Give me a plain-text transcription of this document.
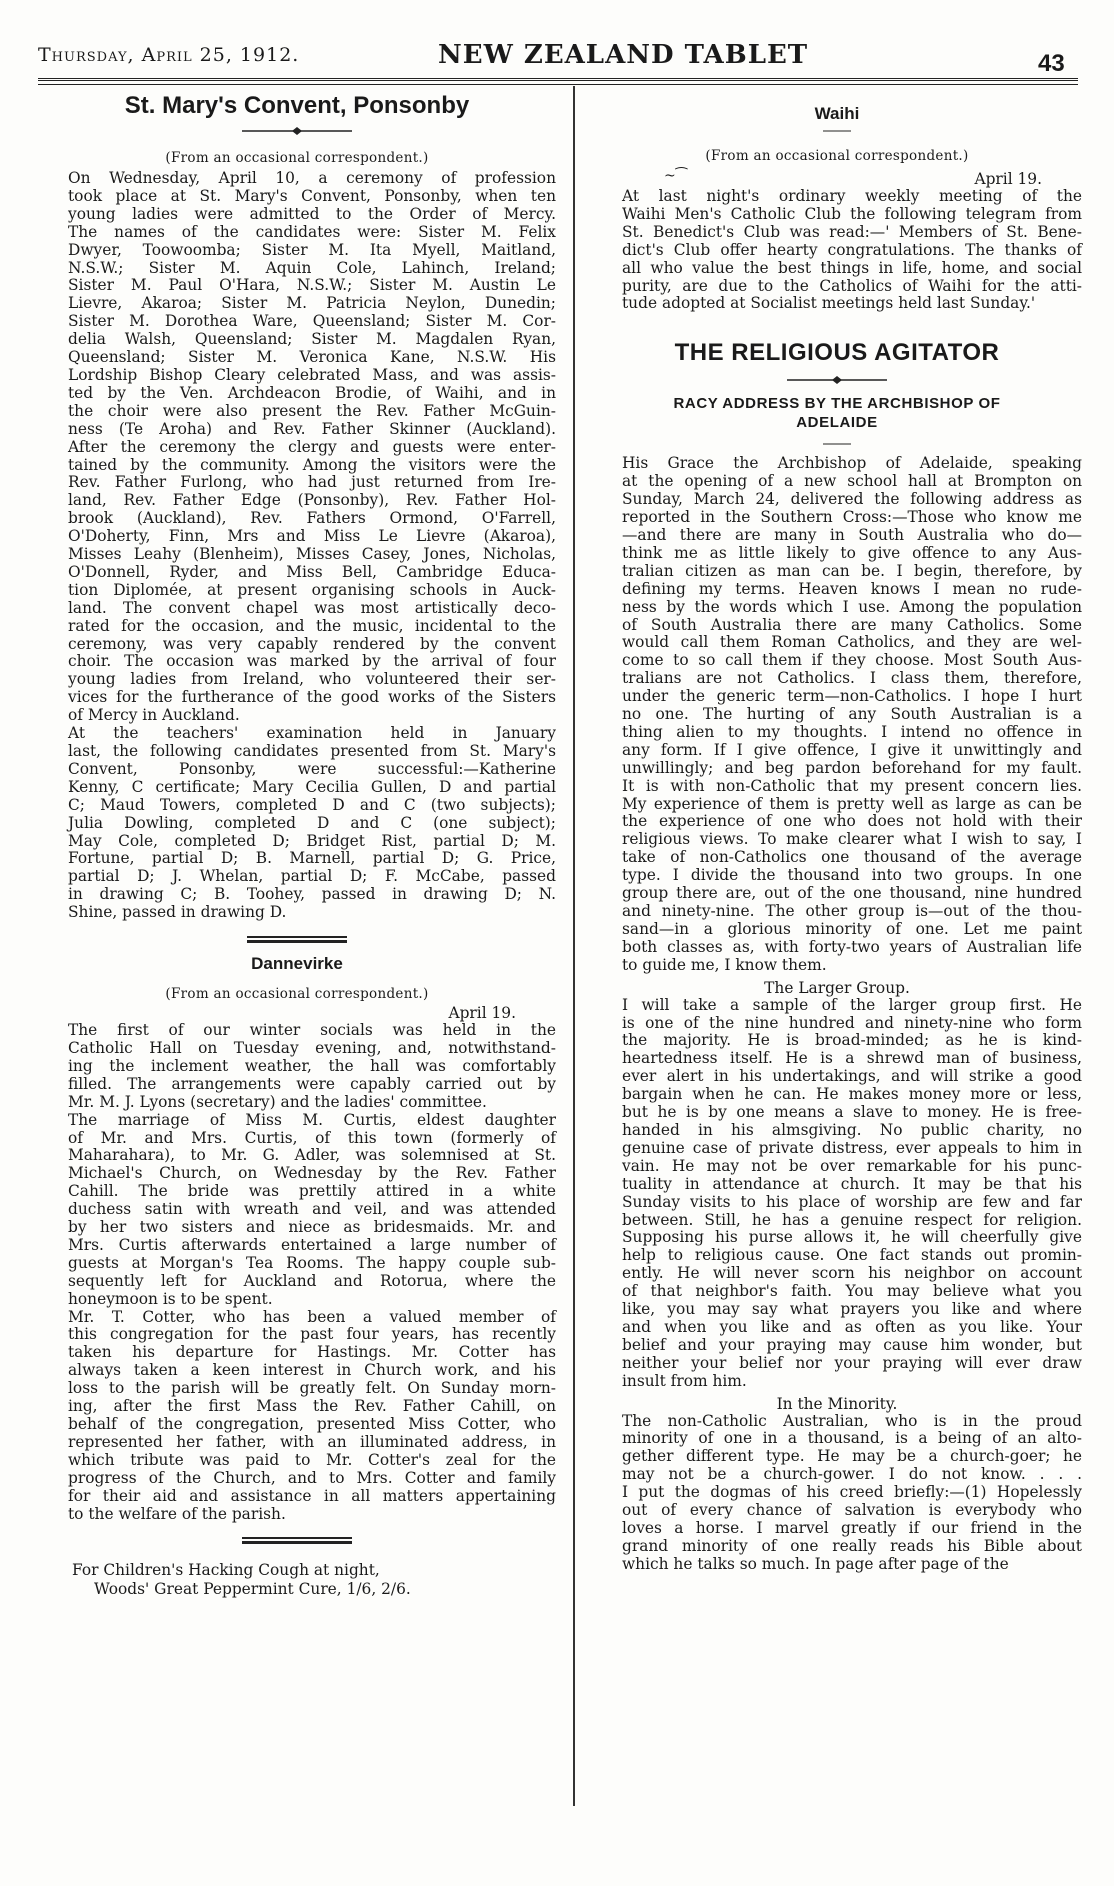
Thursday, April 25, 1912.	NEW ZEALAND TABLET	43
St. Mary's Convent, Ponsonby

(From an occasional correspondent.)

On Wednesday, April 10, a ceremony of profession
took place at St. Mary's Convent, Ponsonby, when ten
young ladies were admitted to the Order of Mercy.
The names of the candidates were: Sister M. Felix
Dwyer, Toowoomba; Sister M. Ita Myell, Maitland,
N.S.W.; Sister M. Aquin Cole, Lahinch, Ireland;
Sister M. Paul O'Hara, N.S.W.; Sister M. Austin Le
Lievre, Akaroa; Sister M. Patricia Neylon, Dunedin;
Sister M. Dorothea Ware, Queensland; Sister M. Cor-
delia Walsh, Queensland; Sister M. Magdalen Ryan,
Queensland; Sister M. Veronica Kane, N.S.W. His
Lordship Bishop Cleary celebrated Mass, and was assis-
ted by the Ven. Archdeacon Brodie, of Waihi, and in
the choir were also present the Rev. Father McGuin-
ness (Te Aroha) and Rev. Father Skinner (Auckland).
After the ceremony the clergy and guests were enter-
tained by the community. Among the visitors were the
Rev. Father Furlong, who had just returned from Ire-
land, Rev. Father Edge (Ponsonby), Rev. Father Hol-
brook (Auckland), Rev. Fathers Ormond, O'Farrell,
O'Doherty, Finn, Mrs and Miss Le Lievre (Akaroa),
Misses Leahy (Blenheim), Misses Casey, Jones, Nicholas,
O'Donnell, Ryder, and Miss Bell, Cambridge Educa-
tion Diplomée, at present organising schools in Auck-
land. The convent chapel was most artistically deco-
rated for the occasion, and the music, incidental to the
ceremony, was very capably rendered by the convent
choir. The occasion was marked by the arrival of four
young ladies from Ireland, who volunteered their ser-
vices for the furtherance of the good works of the Sisters
of Mercy in Auckland.
At the teachers' examination held in January
last, the following candidates presented from St. Mary's
Convent, Ponsonby, were successful:—Katherine
Kenny, C certificate; Mary Cecilia Gullen, D and partial
C; Maud Towers, completed D and C (two subjects);
Julia Dowling, completed D and C (one subject);
May Cole, completed D; Bridget Rist, partial D; M.
Fortune, partial D; B. Marnell, partial D; G. Price,
partial D; J. Whelan, partial D; F. McCabe, passed
in drawing C; B. Toohey, passed in drawing D; N.
Shine, passed in drawing D.
Dannevirke

(From an occasional correspondent.)

April 19.

The first of our winter socials was held in the
Catholic Hall on Tuesday evening, and, notwithstand-
ing the inclement weather, the hall was comfortably
filled. The arrangements were capably carried out by
Mr. M. J. Lyons (secretary) and the ladies' committee.
The marriage of Miss M. Curtis, eldest daughter
of Mr. and Mrs. Curtis, of this town (formerly of
Maharahara), to Mr. G. Adler, was solemnised at St.
Michael's Church, on Wednesday by the Rev. Father
Cahill. The bride was prettily attired in a white
duchess satin with wreath and veil, and was attended
by her two sisters and niece as bridesmaids. Mr. and
Mrs. Curtis afterwards entertained a large number of
guests at Morgan's Tea Rooms. The happy couple sub-
sequently left for Auckland and Rotorua, where the
honeymoon is to be spent.
Mr. T. Cotter, who has been a valued member of
this congregation for the past four years, has recently
taken his departure for Hastings. Mr. Cotter has
always taken a keen interest in Church work, and his
loss to the parish will be greatly felt. On Sunday morn-
ing, after the first Mass the Rev. Father Cahill, on
behalf of the congregation, presented Miss Cotter, who
represented her father, with an illuminated address, in
which tribute was paid to Mr. Cotter's zeal for the
progress of the Church, and to Mrs. Cotter and family
for their aid and assistance in all matters appertaining
to the welfare of the parish.
For Children's Hacking Cough at night,
Woods' Great Peppermint Cure, 1/6, 2/6.
Waihi

(From an occasional correspondent.)

~⁀	April 19.

At last night's ordinary weekly meeting of the
Waihi Men's Catholic Club the following telegram from
St. Benedict's Club was read:—' Members of St. Bene-
dict's Club offer hearty congratulations. The thanks of
all who value the best things in life, home, and social
purity, are due to the Catholics of Waihi for the atti-
tude adopted at Socialist meetings held last Sunday.'
THE RELIGIOUS AGITATOR
RACY ADDRESS BY THE ARCHBISHOP OF
ADELAIDE
His Grace the Archbishop of Adelaide, speaking
at the opening of a new school hall at Brompton on
Sunday, March 24, delivered the following address as
reported in the Southern Cross:—Those who know me
—and there are many in South Australia who do—
think me as little likely to give offence to any Aus-
tralian citizen as man can be. I begin, therefore, by
defining my terms. Heaven knows I mean no rude-
ness by the words which I use. Among the population
of South Australia there are many Catholics. Some
would call them Roman Catholics, and they are wel-
come to so call them if they choose. Most South Aus-
tralians are not Catholics. I class them, therefore,
under the generic term—non-Catholics. I hope I hurt
no one. The hurting of any South Australian is a
thing alien to my thoughts. I intend no offence in
any form. If I give offence, I give it unwittingly and
unwillingly; and beg pardon beforehand for my fault.
It is with non-Catholic that my present concern lies.
My experience of them is pretty well as large as can be
the experience of one who does not hold with their
religious views. To make clearer what I wish to say, I
take of non-Catholics one thousand of the average
type. I divide the thousand into two groups. In one
group there are, out of the one thousand, nine hundred
and ninety-nine. The other group is—out of the thou-
sand—in a glorious minority of one. Let me paint
both classes as, with forty-two years of Australian life
to guide me, I know them.

The Larger Group.

I will take a sample of the larger group first. He
is one of the nine hundred and ninety-nine who form
the majority. He is broad-minded; as he is kind-
heartedness itself. He is a shrewd man of business,
ever alert in his undertakings, and will strike a good
bargain when he can. He makes money more or less,
but he is by one means a slave to money. He is free-
handed in his almsgiving. No public charity, no
genuine case of private distress, ever appeals to him in
vain. He may not be over remarkable for his punc-
tuality in attendance at church. It may be that his
Sunday visits to his place of worship are few and far
between. Still, he has a genuine respect for religion.
Supposing his purse allows it, he will cheerfully give
help to religious cause. One fact stands out promin-
ently. He will never scorn his neighbor on account
of that neighbor's faith. You may believe what you
like, you may say what prayers you like and where
and when you like and as often as you like. Your
belief and your praying may cause him wonder, but
neither your belief nor your praying will ever draw
insult from him.

In the Minority.

The non-Catholic Australian, who is in the proud
minority of one in a thousand, is a being of an alto-
gether different type. He may be a church-goer; he
may not be a church-gower. I do not know. . . .
I put the dogmas of his creed briefly:—(1) Hopelessly
out of every chance of salvation is everybody who
loves a horse. I marvel greatly if our friend in the
grand minority of one really reads his Bible about
which he talks so much. In page after page of the
